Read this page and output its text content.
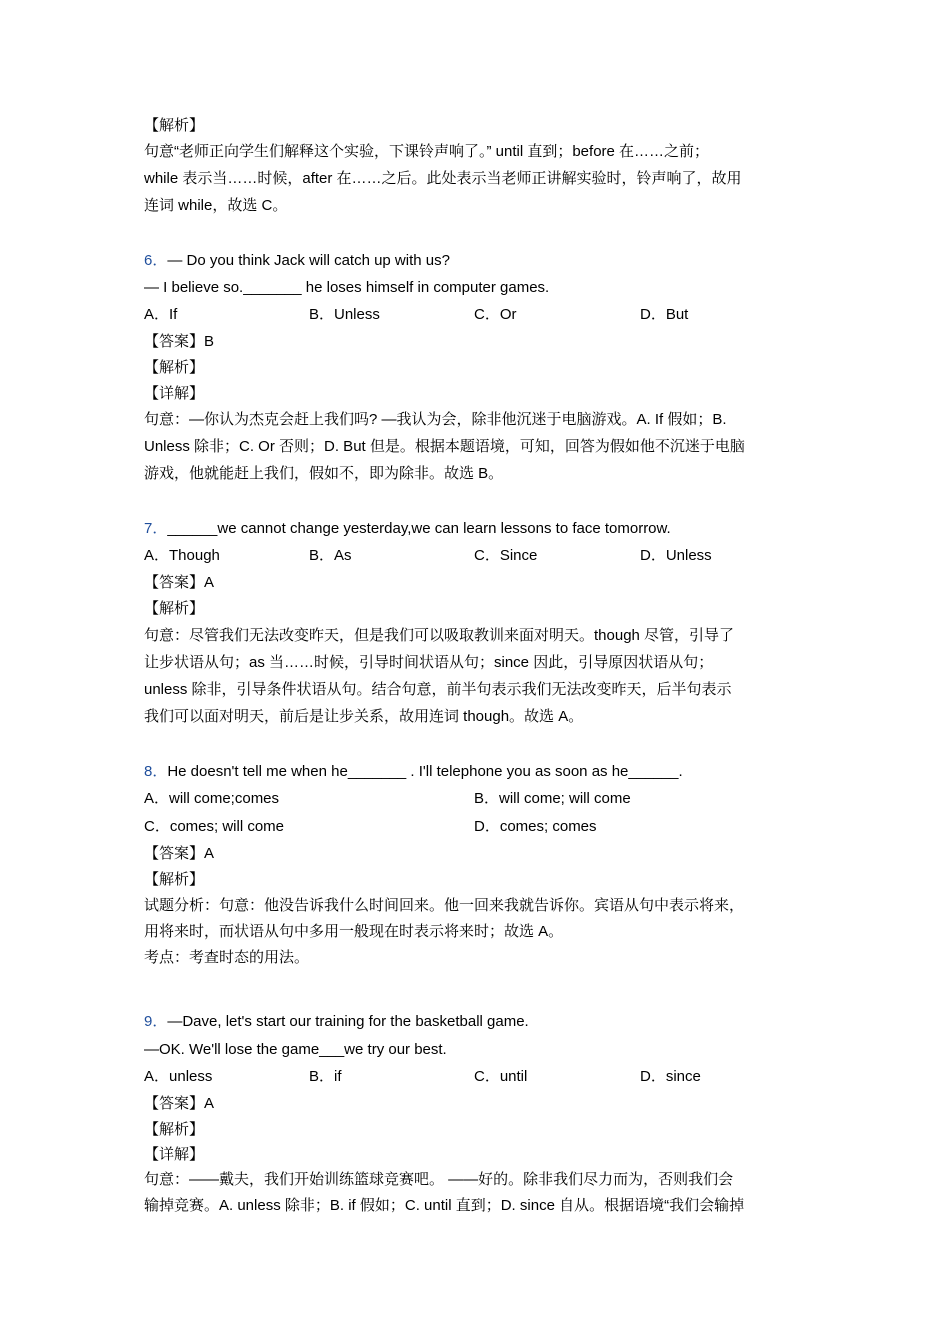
【解析】
句意“老师正向学生们解释这个实验，下课铃声响了。” until 直到；before 在……之前；
while 表示当……时候，after 在……之后。此处表示当老师正讲解实验时，铃声响了，故用
连词 while，故选 C。
6．— Do you think Jack will catch up with us?
— I believe so._______ he loses himself in computer games.
A．If	B．Unless	C．Or	D．But
【答案】B
【解析】
【详解】
句意：—你认为杰克会赶上我们吗? —我认为会，除非他沉迷于电脑游戏。A. If 假如；B.
Unless 除非；C. Or 否则；D. But 但是。根据本题语境，可知，回答为假如他不沉迷于电脑
游戏，他就能赶上我们，假如不，即为除非。故选 B。
7．______we cannot change yesterday,we can learn lessons to face tomorrow.
A．Though	B．As	C．Since	D．Unless
【答案】A
【解析】
句意：尽管我们无法改变昨天，但是我们可以吸取教训来面对明天。though 尽管，引导了
让步状语从句；as 当……时候，引导时间状语从句；since 因此，引导原因状语从句；
unless 除非，引导条件状语从句。结合句意，前半句表示我们无法改变昨天，后半句表示
我们可以面对明天，前后是让步关系，故用连词 though。故选 A。
8．He doesn't tell me when he_______ . I'll telephone you as soon as he______.
A．will come;comes	B．will come; will come
C．comes; will come	D．comes; comes
【答案】A
【解析】
试题分析：句意：他没告诉我什么时间回来。他一回来我就告诉你。宾语从句中表示将来，
用将来时，而状语从句中多用一般现在时表示将来时；故选 A。
考点：考查时态的用法。
9．—Dave, let's start our training for the basketball game.
—OK. We'll lose the game___we try our best.
A．unless	B．if	C．until	D．since
【答案】A
【解析】
【详解】
句意：——戴夫，我们开始训练篮球竞赛吧。 ——好的。除非我们尽力而为，否则我们会
输掉竞赛。A. unless 除非；B. if 假如；C. until 直到；D. since 自从。根据语境“我们会输掉
